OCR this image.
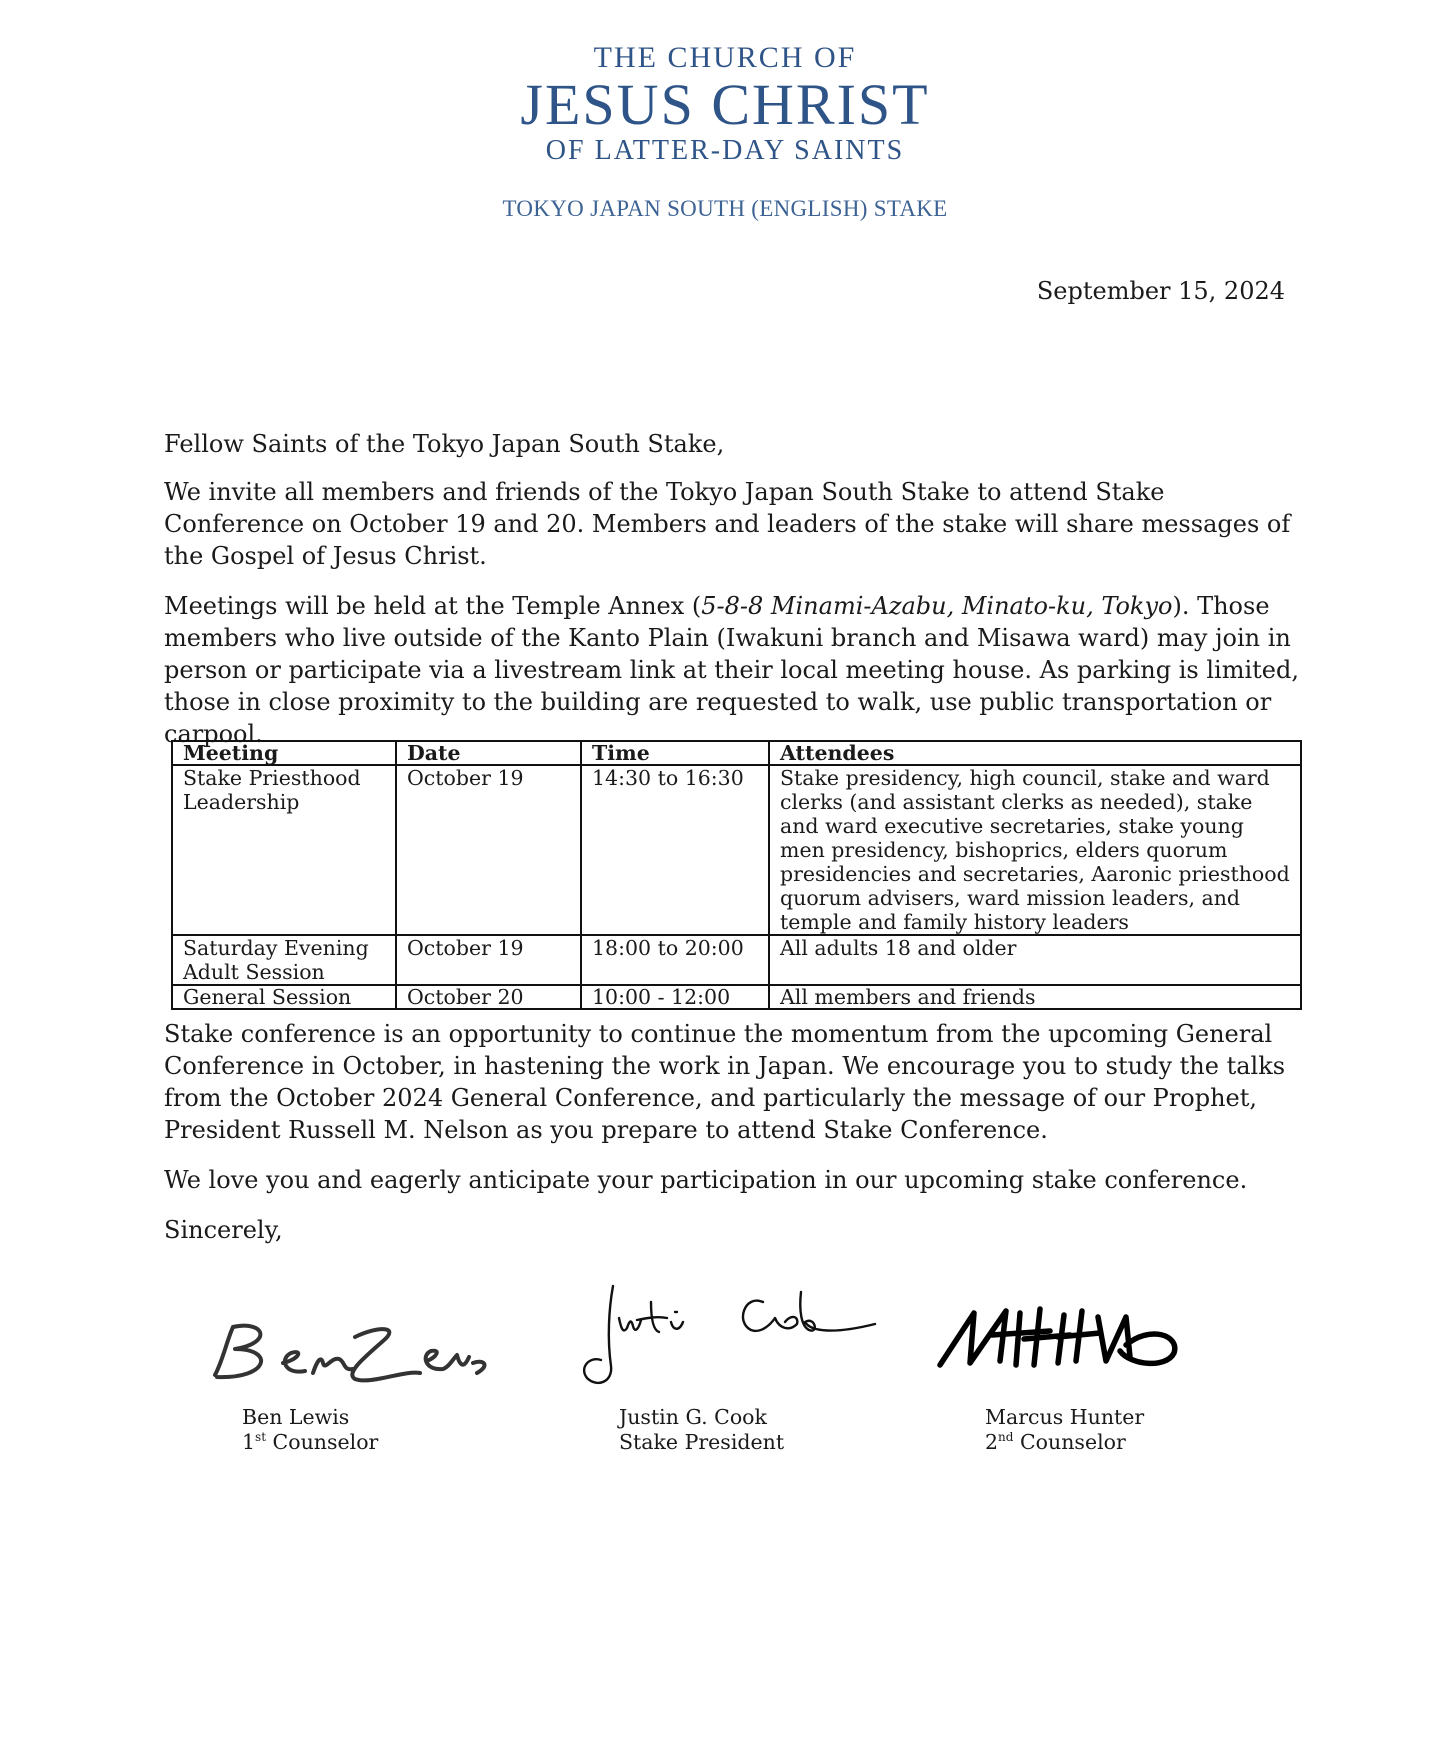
THE CHURCH OF
JESUS CHRIST
OF LATTER-DAY SAINTS
TOKYO JAPAN SOUTH (ENGLISH) STAKE
September 15, 2024

Fellow Saints of the Tokyo Japan South Stake,

We invite all members and friends of the Tokyo Japan South Stake to attend Stake Conference on October 19 and 20. Members and leaders of the stake will share messages of the Gospel of Jesus Christ.

Meetings will be held at the Temple Annex (5-8-8 Minami-Azabu, Minato-ku, Tokyo). Those members who live outside of the Kanto Plain (Iwakuni branch and Misawa ward) may join in person or participate via a livestream link at their local meeting house. As parking is limited, those in close proximity to the building are requested to walk, use public transportation or carpool.

Meeting	Date	Time	Attendees
Stake Priesthood Leadership	October 19	14:30 to 16:30	Stake presidency, high council, stake and ward clerks (and assistant clerks as needed), stake and ward executive secretaries, stake young men presidency, bishoprics, elders quorum presidencies and secretaries, Aaronic priesthood quorum advisers, ward mission leaders, and temple and family history leaders
Saturday Evening Adult Session	October 19	18:00 to 20:00	All adults 18 and older
General Session	October 20	10:00 - 12:00	All members and friends

Stake conference is an opportunity to continue the momentum from the upcoming General Conference in October, in hastening the work in Japan. We encourage you to study the talks from the October 2024 General Conference, and particularly the message of our Prophet, President Russell M. Nelson as you prepare to attend Stake Conference.

We love you and eagerly anticipate your participation in our upcoming stake conference.

Sincerely,

Ben Lewis
1st Counselor
Justin G. Cook
Stake President
Marcus Hunter
2nd Counselor
